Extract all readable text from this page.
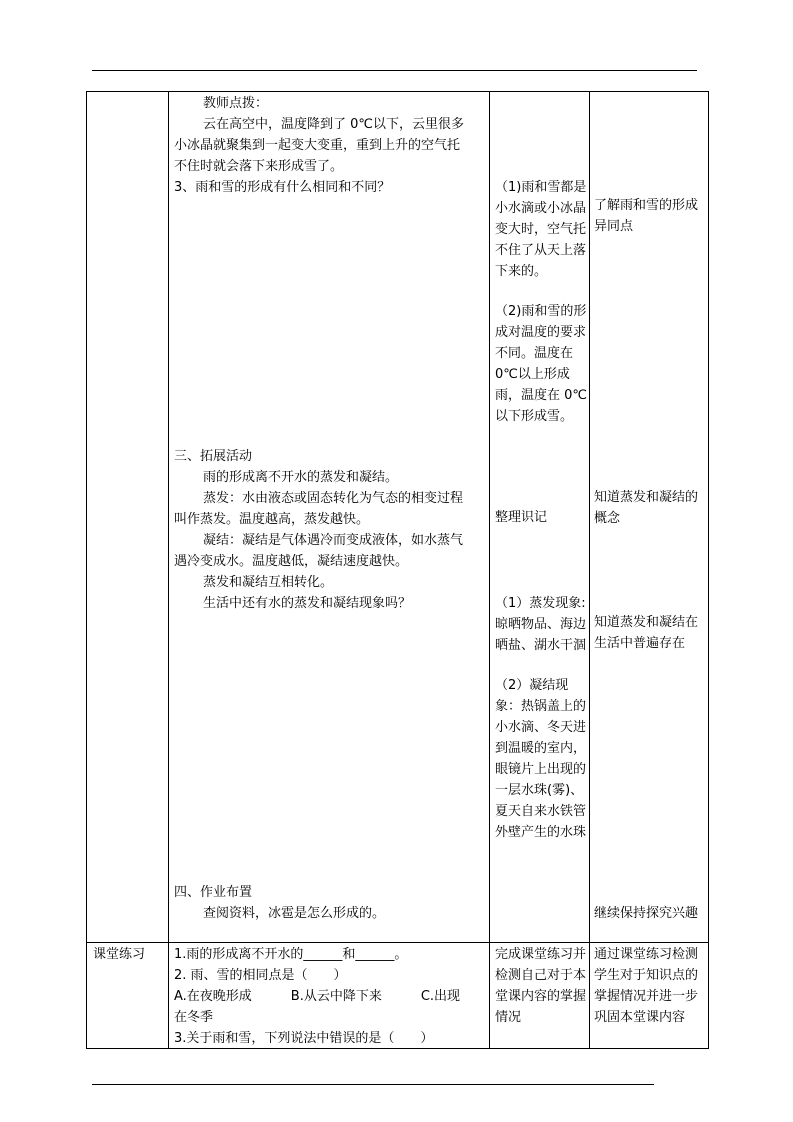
教师点拨：
云在高空中，温度降到了 0℃以下，云里很多
小冰晶就聚集到一起变大变重，重到上升的空气托
不住时就会落下来形成雪了。
3、雨和雪的形成有什么相同和不同？
三、拓展活动
雨的形成离不开水的蒸发和凝结。
蒸发：水由液态或固态转化为气态的相变过程
叫作蒸发。温度越高，蒸发越快。
凝结：凝结是气体遇冷而变成液体，如水蒸气
遇冷变成水。温度越低，凝结速度越快。
蒸发和凝结互相转化。
生活中还有水的蒸发和凝结现象吗？
四、作业布置
查阅资料，冰雹是怎么形成的。
（1)雨和雪都是小水滴或小冰晶变大时，空气托不住了从天上落下来的。
（2)雨和雪的形成对温度的要求不同。温度在 0℃以上形成雨，温度在 0℃以下形成雪。
整理识记
（1）蒸发现象:晾晒物品、海边晒盐、湖水干涸
（2）凝结现象：热锅盖上的小水滴、冬天进到温暖的室内，眼镜片上出现的一层水珠(雾)、夏天自来水铁管外壁产生的水珠
了解雨和雪的形成异同点
知道蒸发和凝结的概念
知道蒸发和凝结在生活中普遍存在
继续保持探究兴趣
课堂练习 1.雨的形成离不开水的______和______。
2. 雨、雪的相同点是（　　）
A.在夜晚形成　　　B.从云中降下来　　　C.出现
在冬季
3.关于雨和雪，下列说法中错误的是（　　）
完成课堂练习并检测自己对于本堂课内容的掌握情况
通过课堂练习检测学生对于知识点的掌握情况并进一步巩固本堂课内容
